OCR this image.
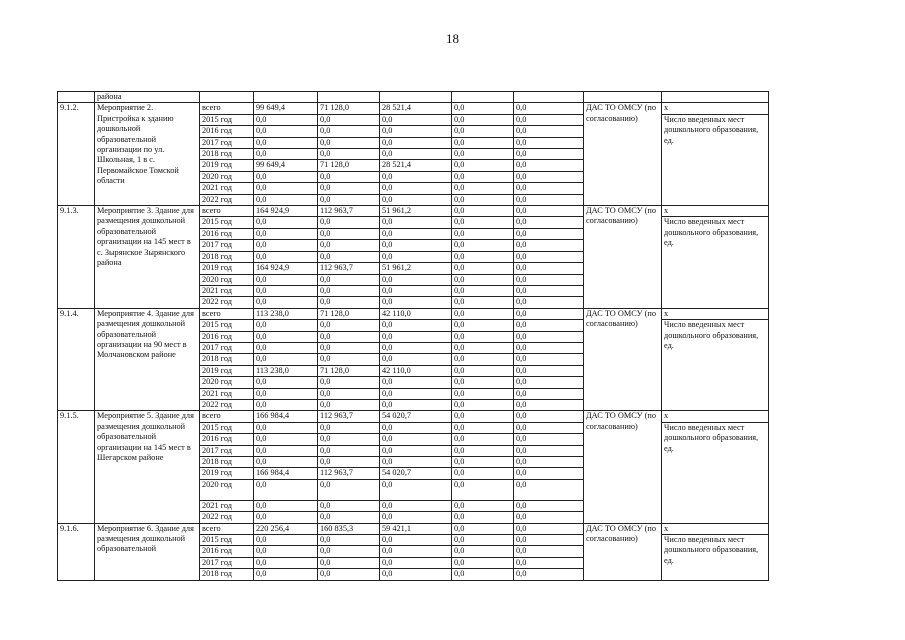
18
	района									
9.1.2.	Мероприятие 2. Пристройка к зданию дошкольной образовательной организации по ул. Школьная, 1 в с. Первомайское Томской области	всего	99 649,4	71 128,0	28 521,4	0,0	0,0	ДАС ТО ОМСУ (по согласованию)	x	
		2015 год	0,0	0,0	0,0	0,0	0,0		Число введенных мест дошкольного образования, ед.	
		2016 год	0,0	0,0	0,0	0,0	0,0	
		2017 год	0,0	0,0	0,0	0,0	0,0	
		2018 год	0,0	0,0	0,0	0,0	0,0	
		2019 год	99 649,4	71 128,0	28 521,4	0,0	0,0	
		2020 год	0,0	0,0	0,0	0,0	0,0	
		2021 год	0,0	0,0	0,0	0,0	0,0	
		2022 год	0,0	0,0	0,0	0,0	0,0	
9.1.3.	Мероприятие 3. Здание для размещения дошкольной образовательной организации на 145 мест в с. Зырянское Зырянского района	всего	164 924,9	112 963,7	51 961,2	0,0	0,0	ДАС ТО ОМСУ (по согласованию)	x	
		2015 год	0,0	0,0	0,0	0,0	0,0		Число введенных мест дошкольного образования, ед.	
		2016 год	0,0	0,0	0,0	0,0	0,0	
		2017 год	0,0	0,0	0,0	0,0	0,0	
		2018 год	0,0	0,0	0,0	0,0	0,0	
		2019 год	164 924,9	112 963,7	51 961,2	0,0	0,0	
		2020 год	0,0	0,0	0,0	0,0	0,0	
		2021 год	0,0	0,0	0,0	0,0	0,0	
		2022 год	0,0	0,0	0,0	0,0	0,0	
9.1.4.	Мероприятие 4. Здание для размещения дошкольной образовательной организации на 90 мест в Молчановском районе	всего	113 238,0	71 128,0	42 110,0	0,0	0,0	ДАС ТО ОМСУ (по согласованию)	x	
		2015 год	0,0	0,0	0,0	0,0	0,0		Число введенных мест дошкольного образования, ед.	
		2016 год	0,0	0,0	0,0	0,0	0,0	
		2017 год	0,0	0,0	0,0	0,0	0,0	
		2018 год	0,0	0,0	0,0	0,0	0,0	
		2019 год	113 238,0	71 128,0	42 110,0	0,0	0,0	
		2020 год	0,0	0,0	0,0	0,0	0,0	
		2021 год	0,0	0,0	0,0	0,0	0,0	
		2022 год	0,0	0,0	0,0	0,0	0,0	
9.1.5.	Мероприятие 5. Здание для размещения дошкольной образовательной организации на 145 мест в Шегарском районе	всего	166 984,4	112 963,7	54 020,7	0,0	0,0	ДАС ТО ОМСУ (по согласованию)	x	
		2015 год	0,0	0,0	0,0	0,0	0,0		Число введенных мест дошкольного образования, ед.	
		2016 год	0,0	0,0	0,0	0,0	0,0	
		2017 год	0,0	0,0	0,0	0,0	0,0	
		2018 год	0,0	0,0	0,0	0,0	0,0	
		2019 год	166 984,4	112 963,7	54 020,7	0,0	0,0	
		2020 год	0,0	0,0	0,0	0,0	0,0	
		2021 год	0,0	0,0	0,0	0,0	0,0	
		2022 год	0,0	0,0	0,0	0,0	0,0	
9.1.6.	Мероприятие 6. Здание для размещения дошкольной образовательной	всего	220 256,4	160 835,3	59 421,1	0,0	0,0	ДАС ТО ОМСУ (по согласованию)	x	
		2015 год	0,0	0,0	0,0	0,0	0,0		Число введенных мест дошкольного образования, ед.	
		2016 год	0,0	0,0	0,0	0,0	0,0	
		2017 год	0,0	0,0	0,0	0,0	0,0	
		2018 год	0,0	0,0	0,0	0,0	0,0	
